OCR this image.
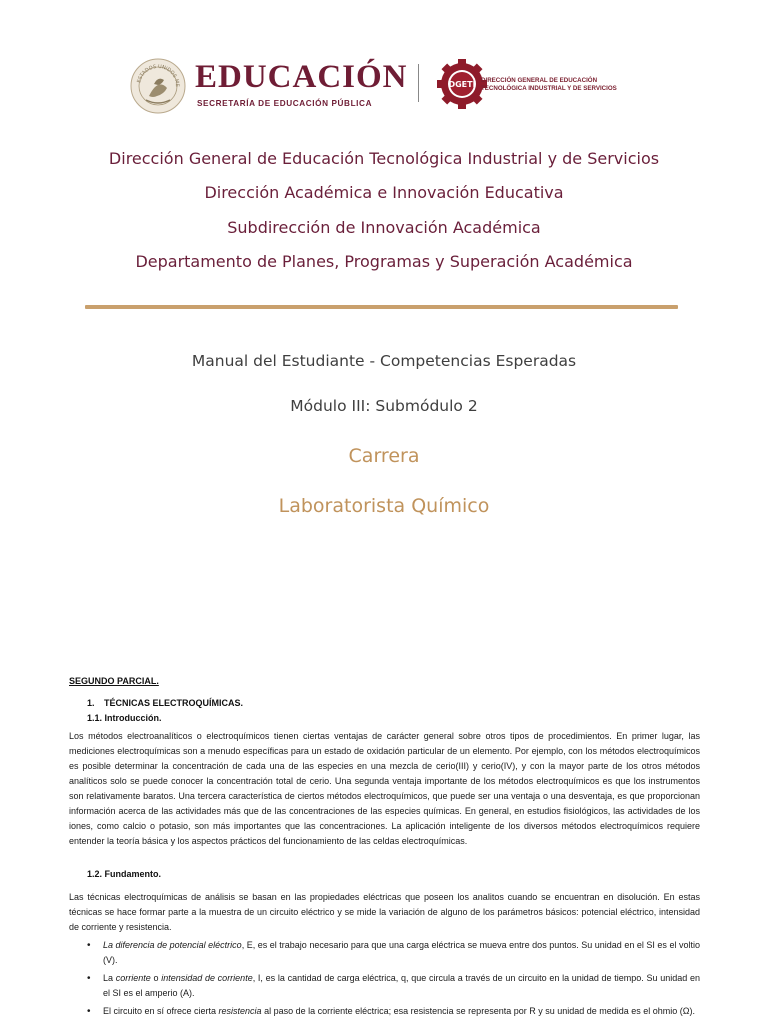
ESTADOS UNIDOS ME EDUCACIÓN
SECRETARÍA DE EDUCACIÓN PÚBLICA
DGETI DIRECCIÓN GENERAL DE EDUCACIÓN
TECNOLÓGICA INDUSTRIAL Y DE SERVICIOS
Dirección General de Educación Tecnológica Industrial y de Servicios
Dirección Académica e Innovación Educativa
Subdirección de Innovación Académica
Departamento de Planes, Programas y Superación Académica
Manual del Estudiante - Competencias Esperadas
Módulo III: Submódulo 2
Carrera
Laboratorista Químico
SEGUNDO PARCIAL.
1. TÉCNICAS ELECTROQUÍMICAS.
1.1. Introducción.

Los métodos electroanalíticos o electroquímicos tienen ciertas ventajas de carácter general sobre otros tipos de procedimientos. En primer lugar, las mediciones electroquímicas son a menudo específicas para un estado de oxidación particular de un elemento. Por ejemplo, con los métodos electroquímicos es posible determinar la concentración de cada una de las especies en una mezcla de cerio(III) y cerio(IV), y con la mayor parte de los otros métodos analíticos solo se puede conocer la concentración total de cerio. Una segunda ventaja importante de los métodos electroquímicos es que los instrumentos son relativamente baratos. Una tercera característica de ciertos métodos electroquímicos, que puede ser una ventaja o una desventaja, es que proporcionan información acerca de las actividades más que de las concentraciones de las especies químicas. En general, en estudios fisiológicos, las actividades de los iones, como calcio o potasio, son más importantes que las concentraciones. La aplicación inteligente de los diversos métodos electroquímicos requiere entender la teoría básica y los aspectos prácticos del funcionamiento de las celdas electroquímicas.

1.2. Fundamento.

Las técnicas electroquímicas de análisis se basan en las propiedades eléctricas que poseen los analitos cuando se encuentran en disolución. En estas técnicas se hace formar parte a la muestra de un circuito eléctrico y se mide la variación de alguno de los parámetros básicos: potencial eléctrico, intensidad de corriente y resistencia.

• La diferencia de potencial eléctrico, E, es el trabajo necesario para que una carga eléctrica se mueva entre dos puntos. Su unidad en el SI es el voltio (V).
• La corriente o intensidad de corriente, I, es la cantidad de carga eléctrica, q, que circula a través de un circuito en la unidad de tiempo. Su unidad en el SI es el amperio (A).
• El circuito en sí ofrece cierta resistencia al paso de la corriente eléctrica; esa resistencia se representa por R y su unidad de medida es el ohmio (Ω).
